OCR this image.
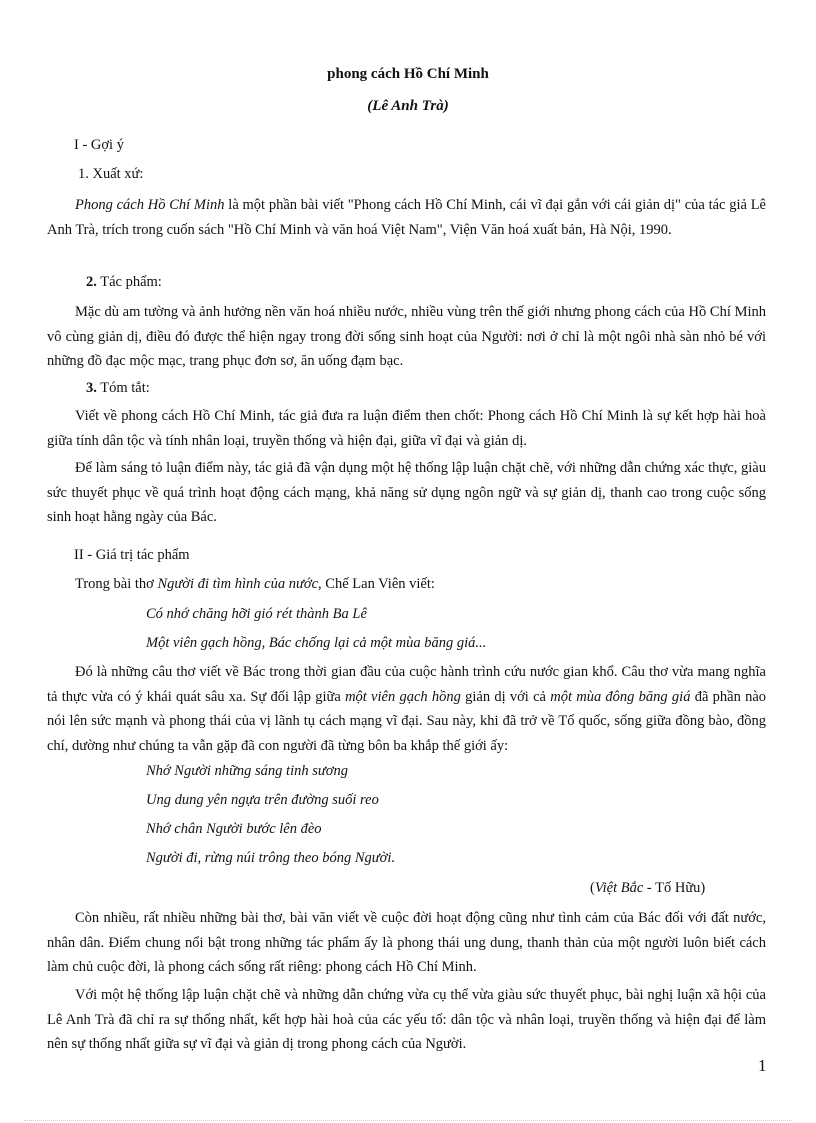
phong cách Hồ Chí Minh
(Lê Anh Trà)
I - Gợi ý
1. Xuất xứ:
Phong cách Hồ Chí Minh là một phần bài viết "Phong cách Hồ Chí Minh, cái vĩ đại gắn với cái giản dị" của tác giả Lê Anh Trà, trích trong cuốn sách "Hồ Chí Minh và văn hoá Việt Nam", Viện Văn hoá xuất bản, Hà Nội, 1990.
2. Tác phẩm:
Mặc dù am tường và ảnh hưởng nền văn hoá nhiều nước, nhiều vùng trên thế giới nhưng phong cách của Hồ Chí Minh vô cùng giản dị, điều đó được thể hiện ngay trong đời sống sinh hoạt của Người: nơi ở chỉ là một ngôi nhà sàn nhỏ bé với những đồ đạc mộc mạc, trang phục đơn sơ, ăn uống đạm bạc.
3. Tóm tắt:
Viết về phong cách Hồ Chí Minh, tác giả đưa ra luận điểm then chốt: Phong cách Hồ Chí Minh là sự kết hợp hài hoà giữa tính dân tộc và tính nhân loại, truyền thống và hiện đại, giữa vĩ đại và giản dị.
Để làm sáng tỏ luận điểm này, tác giả đã vận dụng một hệ thống lập luận chặt chẽ, với những dẫn chứng xác thực, giàu sức thuyết phục về quá trình hoạt động cách mạng, khả năng sử dụng ngôn ngữ và sự giản dị, thanh cao trong cuộc sống sinh hoạt hằng ngày của Bác.
II - Giá trị tác phẩm
Trong bài thơ Người đi tìm hình của nước, Chế Lan Viên viết:
Có nhớ chăng hỡi gió rét thành Ba Lê
Một viên gạch hồng, Bác chống lại cả một mùa băng giá...
Đó là những câu thơ viết về Bác trong thời gian đầu của cuộc hành trình cứu nước gian khổ. Câu thơ vừa mang nghĩa tả thực vừa có ý khái quát sâu xa. Sự đối lập giữa một viên gạch hồng giản dị với cả một mùa đông băng giá đã phần nào nói lên sức mạnh và phong thái của vị lãnh tụ cách mạng vĩ đại. Sau này, khi đã trở về Tổ quốc, sống giữa đồng bào, đồng chí, dường như chúng ta vẫn gặp đã con người đã từng bôn ba khắp thế giới ấy:
Nhớ Người những sáng tinh sương
Ung dung yên ngựa trên đường suối reo
Nhớ chân Người bước lên đèo
Người đi, rừng núi trông theo bóng Người.
(Việt Bắc - Tố Hữu)
Còn nhiều, rất nhiều những bài thơ, bài văn viết về cuộc đời hoạt động cũng như tình cảm của Bác đối với đất nước, nhân dân. Điểm chung nổi bật trong những tác phẩm ấy là phong thái ung dung, thanh thản của một người luôn biết cách làm chủ cuộc đời, là phong cách sống rất riêng: phong cách Hồ Chí Minh.
Với một hệ thống lập luận chặt chẽ và những dẫn chứng vừa cụ thể vừa giàu sức thuyết phục, bài nghị luận xã hội của Lê Anh Trà đã chỉ ra sự thống nhất, kết hợp hài hoà của các yếu tố: dân tộc và nhân loại, truyền thống và hiện đại để làm nên sự thống nhất giữa sự vĩ đại và giản dị trong phong cách của Người.
1
